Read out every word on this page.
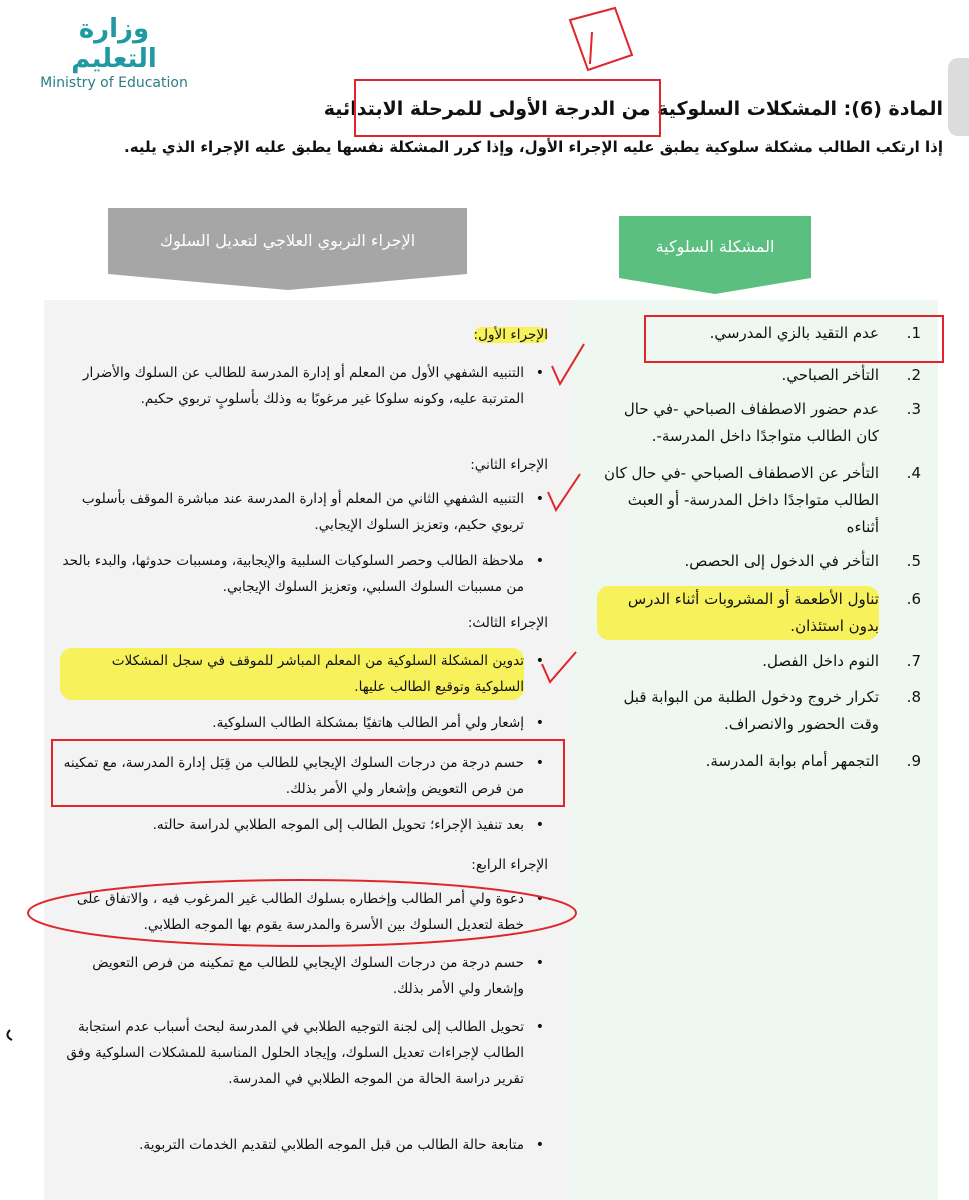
وزارة التعليم
Ministry of Education
المادة (6): المشكلات السلوكية من الدرجة الأولى للمرحلة الابتدائية
إذا ارتكب الطالب مشكلة سلوكية يطبق عليه الإجراء الأول، وإذا كرر المشكلة نفسها يطبق عليه الإجراء الذي يليه.
المشكلة السلوكية
الإجراء التربوي العلاجي لتعديل السلوك
1.
عدم التقيد بالزي المدرسي.
2.
التأخر الصباحي.
3.
عدم حضور الاصطفاف الصباحي -في حال كان الطالب متواجدًا داخل المدرسة-.
4.
التأخر عن الاصطفاف الصباحي -في حال كان الطالب متواجدًا داخل المدرسة- أو العبث أثناءه
5.
التأخر في الدخول إلى الحصص.
6.
تناول الأطعمة أو المشروبات أثناء الدرس بدون استئذان.
7.
النوم داخل الفصل.
8.
تكرار خروج ودخول الطلبة من البوابة قبل وقت الحضور والانصراف.
9.
التجمهر أمام بوابة المدرسة.
الإجراء الأول:
•
التنبيه الشفهي الأول من المعلم أو إدارة المدرسة للطالب عن السلوك والأضرار المترتبة عليه، وكونه سلوكا غير مرغوبًا به وذلك بأسلوبٍ تربوي حكيم.
الإجراء الثاني:
•
التنبيه الشفهي الثاني من المعلم أو إدارة المدرسة عند مباشرة الموقف بأسلوب تربوي حكيم، وتعزيز السلوك الإيجابي.
•
ملاحظة الطالب وحصر السلوكيات السلبية والإيجابية، ومسببات حدوثها، والبدء بالحد من مسببات السلوك السلبي، وتعزيز السلوك الإيجابي.
الإجراء الثالث:
•
تدوين المشكلة السلوكية من المعلم المباشر للموقف في سجل المشكلات السلوكية وتوقيع الطالب عليها.
•
إشعار ولي أمر الطالب هاتفيًا بمشكلة الطالب السلوكية.
•
حسم درجة من درجات السلوك الإيجابي للطالب من قِبَل إدارة المدرسة، مع تمكينه من فرص التعويض وإشعار ولي الأمر بذلك.
•
بعد تنفيذ الإجراء؛ تحويل الطالب إلى الموجه الطلابي لدراسة حالته.
الإجراء الرابع:
•
دعوة ولي أمر الطالب وإخطاره بسلوك الطالب غير المرغوب فيه ، والاتفاق على خطة لتعديل السلوك بين الأسرة والمدرسة يقوم بها الموجه الطلابي.
•
حسم درجة من درجات السلوك الإيجابي للطالب مع تمكينه من فرص التعويض وإشعار ولي الأمر بذلك.
•
تحويل الطالب إلى لجنة التوجيه الطلابي في المدرسة لبحث أسباب عدم استجابة الطالب لإجراءات تعديل السلوك، وإيجاد الحلول المناسبة للمشكلات السلوكية وفق تقرير دراسة الحالة من الموجه الطلابي في المدرسة.
•
متابعة حالة الطالب من قبل الموجه الطلابي لتقديم الخدمات التربوية.
